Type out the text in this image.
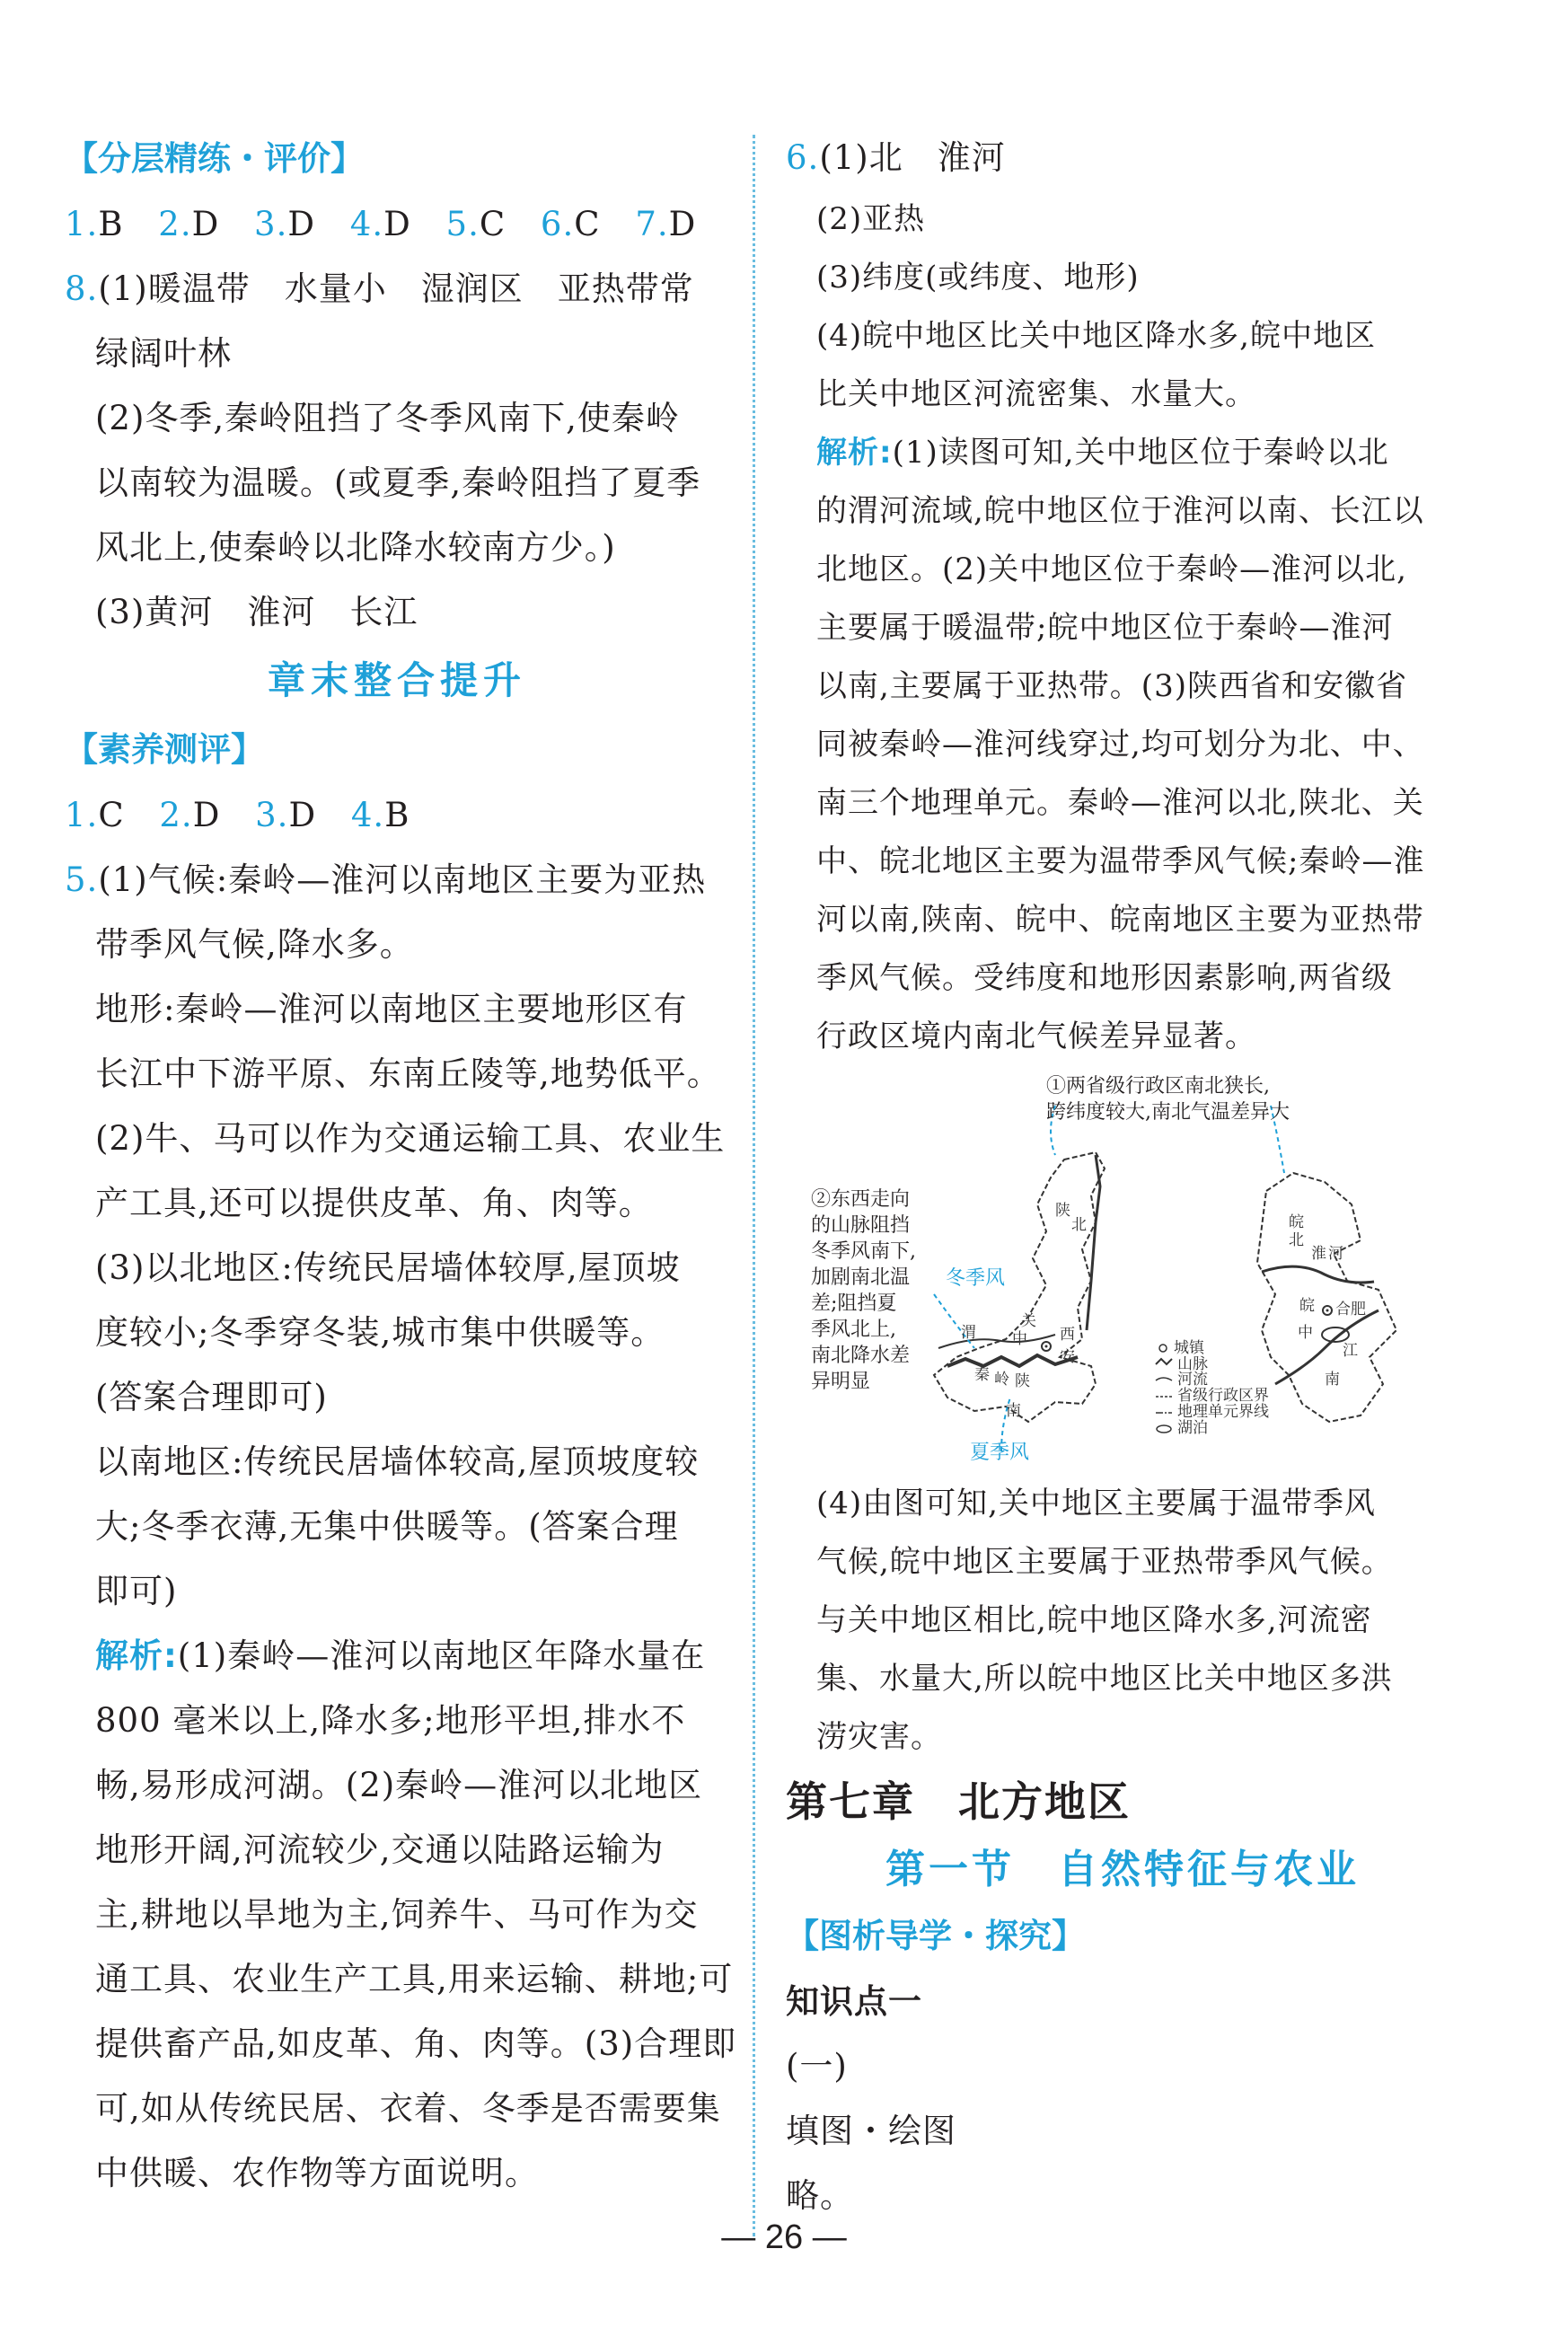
【分层精练・评价】
1.B 2.D 3.D 4.D 5.C 6.C 7.D
8.(1)暖温带　水量小　湿润区　亚热带常
绿阔叶林
(2)冬季,秦岭阻挡了冬季风南下,使秦岭
以南较为温暖。(或夏季,秦岭阻挡了夏季
风北上,使秦岭以北降水较南方少。)
(3)黄河　淮河　长江
章末整合提升
【素养测评】
1.C 2.D 3.D 4.B
5.(1)气候:秦岭—淮河以南地区主要为亚热
带季风气候,降水多。
地形:秦岭—淮河以南地区主要地形区有
长江中下游平原、东南丘陵等,地势低平。
(2)牛、马可以作为交通运输工具、农业生
产工具,还可以提供皮革、角、肉等。
(3)以北地区:传统民居墙体较厚,屋顶坡
度较小;冬季穿冬装,城市集中供暖等。
(答案合理即可)
以南地区:传统民居墙体较高,屋顶坡度较
大;冬季衣薄,无集中供暖等。(答案合理
即可)
解析:(1)秦岭—淮河以南地区年降水量在
800 毫米以上,降水多;地形平坦,排水不
畅,易形成河湖。(2)秦岭—淮河以北地区
地形开阔,河流较少,交通以陆路运输为
主,耕地以旱地为主,饲养牛、马可作为交
通工具、农业生产工具,用来运输、耕地;可
提供畜产品,如皮革、角、肉等。(3)合理即
可,如从传统民居、衣着、冬季是否需要集
中供暖、农作物等方面说明。
6.(1)北　淮河
(2)亚热
(3)纬度(或纬度、地形)
(4)皖中地区比关中地区降水多,皖中地区
比关中地区河流密集、水量大。
解析:(1)读图可知,关中地区位于秦岭以北
的渭河流域,皖中地区位于淮河以南、长江以
北地区。(2)关中地区位于秦岭—淮河以北,
主要属于暖温带;皖中地区位于秦岭—淮河
以南,主要属于亚热带。(3)陕西省和安徽省
同被秦岭—淮河线穿过,均可划分为北、中、
南三个地理单元。秦岭—淮河以北,陕北、关
中、皖北地区主要为温带季风气候;秦岭—淮
河以南,陕南、皖中、皖南地区主要为亚热带
季风气候。受纬度和地形因素影响,两省级
行政区境内南北气候差异显著。
陕
北
西
安
陕
南
关
中
渭
秦 岭
淮 河
皖
北
合肥
皖
中
江
南
城镇
山脉
河流
省级行政区界
地理单元界线
湖泊
①两省级行政区南北狭长,
跨纬度较大,南北气温差异大
②东西走向
的山脉阻挡
冬季风南下,
加剧南北温
差;阻挡夏
季风北上,
南北降水差
异明显
冬季风
夏季风
(4)由图可知,关中地区主要属于温带季风
气候,皖中地区主要属于亚热带季风气候。
与关中地区相比,皖中地区降水多,河流密
集、水量大,所以皖中地区比关中地区多洪
涝灾害。
第七章　北方地区
第一节　自然特征与农业
【图析导学・探究】
知识点一
(一)
填图・绘图
略。
— 26 —
